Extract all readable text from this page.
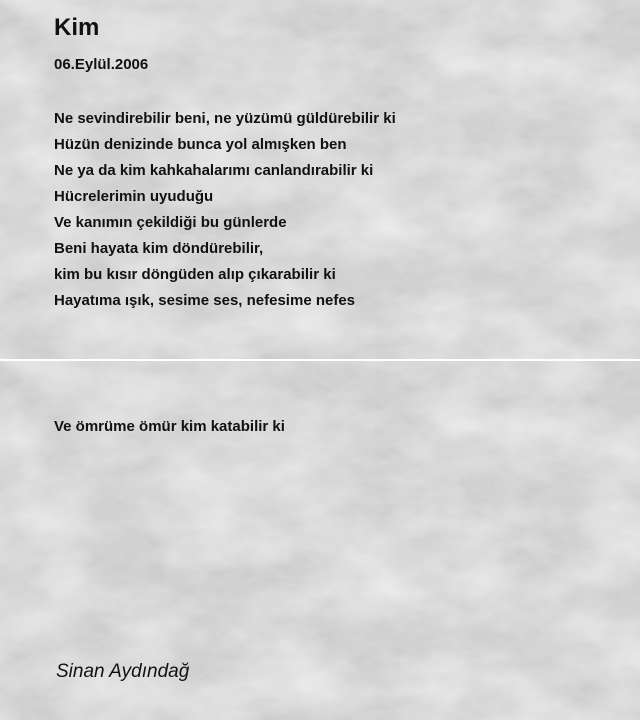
Kim
06.Eylül.2006
Ne sevindirebilir beni, ne yüzümü güldürebilir ki
Hüzün denizinde bunca yol almışken ben
Ne ya da kim kahkahalarımı canlandırabilir ki
Hücrelerimin uyuduğu
Ve kanımın çekildiği bu günlerde
Beni hayata kim döndürebilir,
kim bu kısır döngüden alıp çıkarabilir ki
Hayatıma ışık, sesime ses, nefesime nefes
Ve ömrüme ömür kim katabilir ki
Sinan Aydındağ
